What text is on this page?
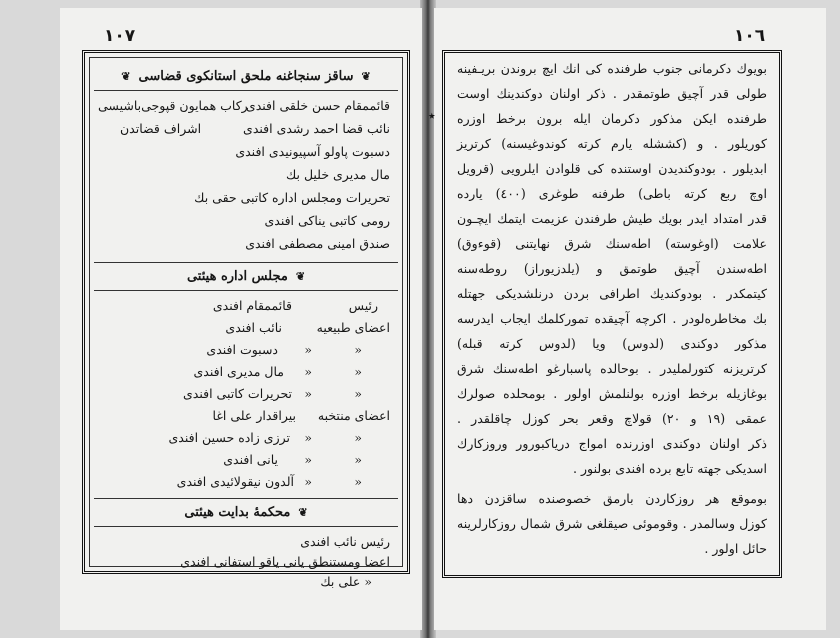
١٠٧
❦
ساقز سنجاغنه ملحق استانكوی قضاسی
❦
قائممقام حسن خلقی افندی
ركاب همايون قپوجی‌باشيسی
نائب قضا احمد رشدی افندی
اشراف قضاتدن
دسبوت پاولو آسپيونيدی افندی
مال مديری خليل بك
تحريرات ومجلس اداره كاتبی حقی بك
رومی كاتبی يناكی افندی
صندق امينی مصطفی افندی
❦
مجلس اداره هيئتی
رئيس
قائممقام افندی
اعضای طبيعيه
نائب افندی
«
«
دسبوت افندی
«
«
مال مديری افندی
«
«
تحريرات كاتبی افندی
اعضای منتخبه
بيراقدار علی اغا
«
«
ترزی زاده حسين افندی
«
«
يانی افندی
«
«
آلدون نيقولائيدی افندی
❦
محكمهٔ بدايت هيئتی
رئيس نائب افندی
اعضا ومستنطق يانی ياقو استفانی افندی
« علی بك
١٠٦
٭
بويوك دكرمانی جنوب طرفنده كی انك ايچ بروندن بريـفينه
طولی قدر آچيق طوتمقدر . ذكر اولنان دوكندينك اوست
طرفنده ايكن مذكور دكرمان ايله برون برخط اوزره
كوريلور . و (كششله يارم كرته كوندوغيسنه) كرتريز
ابديلور . بودوكنديدن اوستنده كی قلوادن ايلرويی (قرويل
اوچ ربع كرته باطی) طرفنه طوغری (٤٠٠) يارده
قدر امتداد ايدر بويك طيش طرفندن عزيمت ايتمك ايچـون
علامت (اوغوسته) اطه‌سنك شرق نهايتنی (قوءوق)
اطه‌سندن آچيق طوتمق و (يلدزيوراز) روطه‌سنه
كيتمكدر . بودوكنديك اطرافی بردن درنلشديكی جهتله
بك مخاطره‌لودر . اكرچه آچيقده تموركلمك ايجاب ايدرسه
مذكور دوكندی (لدوس) ويا (لدوس كرته قبله)
كرتريزنه كتورلمليدر . بوحالده پاسبارغو اطه‌سنك شرق
بوغازيله برخط اوزره بولنلمش اولور . بومحلده صولرك
عمقی (١٩ و ٢٠) قولاچ وقعر بحر كوزل چاقلقدر .
ذكر اولنان دوكندی اوزرنده امواج درياكبورور وروزكارك
اسديكی جهته تابع برده افندی بولنور .
بوموقع هر روزكاردن بارمق خصوصنده ساقزدن دها
كوزل وسالمدر . وقوموئی صيقلغی شرق شمال روزكارلرينه
حائل اولور .
